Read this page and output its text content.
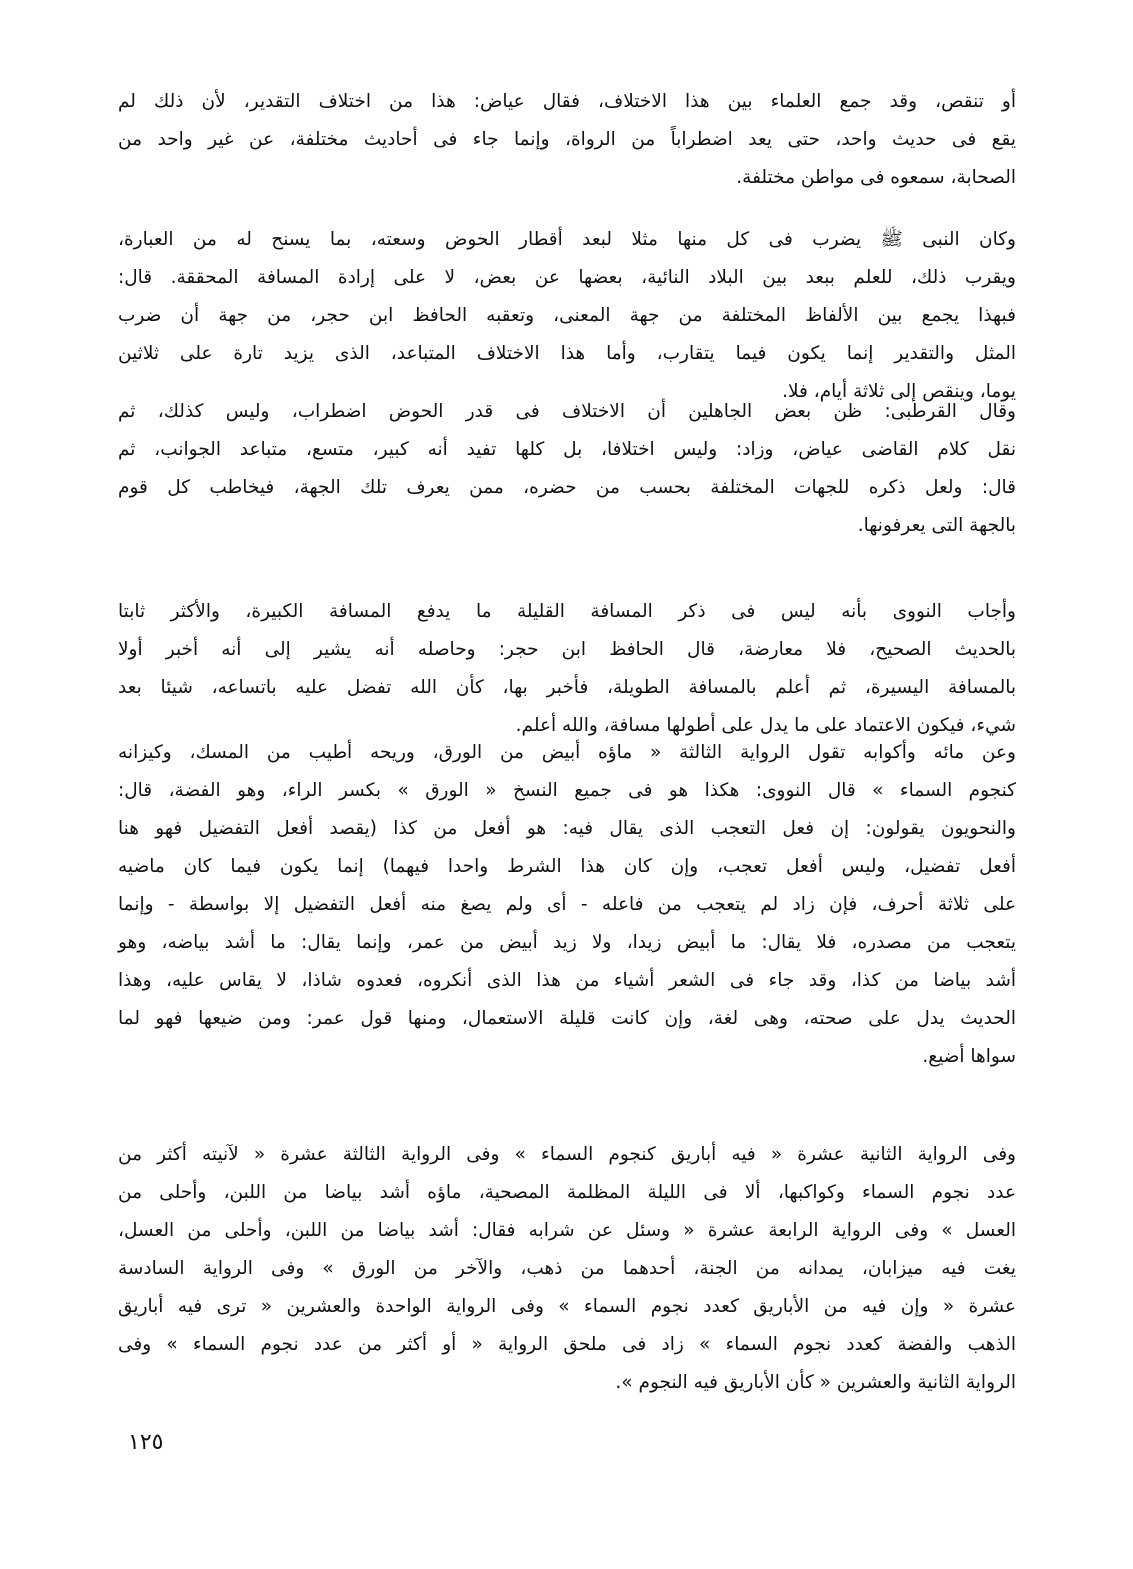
١٢٥
أو تنقص، وقد جمع العلماء بين هذا الاختلاف، فقال عياض: هذا من اختلاف التقدير، لأن ذلك لم
يقع فى حديث واحد، حتى يعد اضطراباً من الرواة، وإنما جاء فى أحاديث مختلفة، عن غير واحد من
الصحابة، سمعوه فى مواطن مختلفة.
وكان النبى ﷺ يضرب فى كل منها مثلا لبعد أقطار الحوض وسعته، بما يسنح له من العبارة،
ويقرب ذلك، للعلم ببعد بين البلاد النائية، بعضها عن بعض، لا على إرادة المسافة المحققة. قال:
فبهذا يجمع بين الألفاظ المختلفة من جهة المعنى، وتعقبه الحافظ ابن حجر، من جهة أن ضرب
المثل والتقدير إنما يكون فيما يتقارب، وأما هذا الاختلاف المتباعد، الذى يزيد تارة على ثلاثين
يوما، وينقص إلى ثلاثة أيام، فلا.
وقال القرطبى: ظن بعض الجاهلين أن الاختلاف فى قدر الحوض اضطراب، وليس كذلك، ثم
نقل كلام القاضى عياض، وزاد: وليس اختلافا، بل كلها تفيد أنه كبير، متسع، متباعد الجوانب، ثم
قال: ولعل ذكره للجهات المختلفة بحسب من حضره، ممن يعرف تلك الجهة، فيخاطب كل قوم
بالجهة التى يعرفونها.
وأجاب النووى بأنه ليس فى ذكر المسافة القليلة ما يدفع المسافة الكبيرة، والأكثر ثابتا
بالحديث الصحيح، فلا معارضة، قال الحافظ ابن حجر: وحاصله أنه يشير إلى أنه أخبر أولا
بالمسافة اليسيرة، ثم أعلم بالمسافة الطويلة، فأخبر بها، كأن الله تفضل عليه باتساعه، شيئا بعد
شيء، فيكون الاعتماد على ما يدل على أطولها مسافة، والله أعلم.
وعن مائه وأكوابه تقول الرواية الثالثة « ماؤه أبيض من الورق، وريحه أطيب من المسك، وكيزانه
كنجوم السماء » قال النووى: هكذا هو فى جميع النسخ « الورق » بكسر الراء، وهو الفضة، قال:
والنحويون يقولون: إن فعل التعجب الذى يقال فيه: هو أفعل من كذا (يقصد أفعل التفضيل فهو هنا
أفعل تفضيل، وليس أفعل تعجب، وإن كان هذا الشرط واحدا فيهما) إنما يكون فيما كان ماضيه
على ثلاثة أحرف، فإن زاد لم يتعجب من فاعله - أى ولم يصغ منه أفعل التفضيل إلا بواسطة - وإنما
يتعجب من مصدره، فلا يقال: ما أبيض زيدا، ولا زيد أبيض من عمر، وإنما يقال: ما أشد بياضه، وهو
أشد بياضا من كذا، وقد جاء فى الشعر أشياء من هذا الذى أنكروه، فعدوه شاذا، لا يقاس عليه، وهذا
الحديث يدل على صحته، وهى لغة، وإن كانت قليلة الاستعمال، ومنها قول عمر: ومن ضيعها فهو لما
سواها أضيع.
وفى الرواية الثانية عشرة « فيه أباريق كنجوم السماء » وفى الرواية الثالثة عشرة « لآنيته أكثر من
عدد نجوم السماء وكواكبها، ألا فى الليلة المظلمة المصحية، ماؤه أشد بياضا من اللبن، وأحلى من
العسل » وفى الرواية الرابعة عشرة « وسئل عن شرابه فقال: أشد بياضا من اللبن، وأحلى من العسل،
يغت فيه ميزابان، يمدانه من الجنة، أحدهما من ذهب، والآخر من الورق » وفى الرواية السادسة
عشرة « وإن فيه من الأباريق كعدد نجوم السماء » وفى الرواية الواحدة والعشرين « ترى فيه أباريق
الذهب والفضة كعدد نجوم السماء » زاد فى ملحق الرواية « أو أكثر من عدد نجوم السماء » وفى
الرواية الثانية والعشرين « كأن الأباريق فيه النجوم ».
